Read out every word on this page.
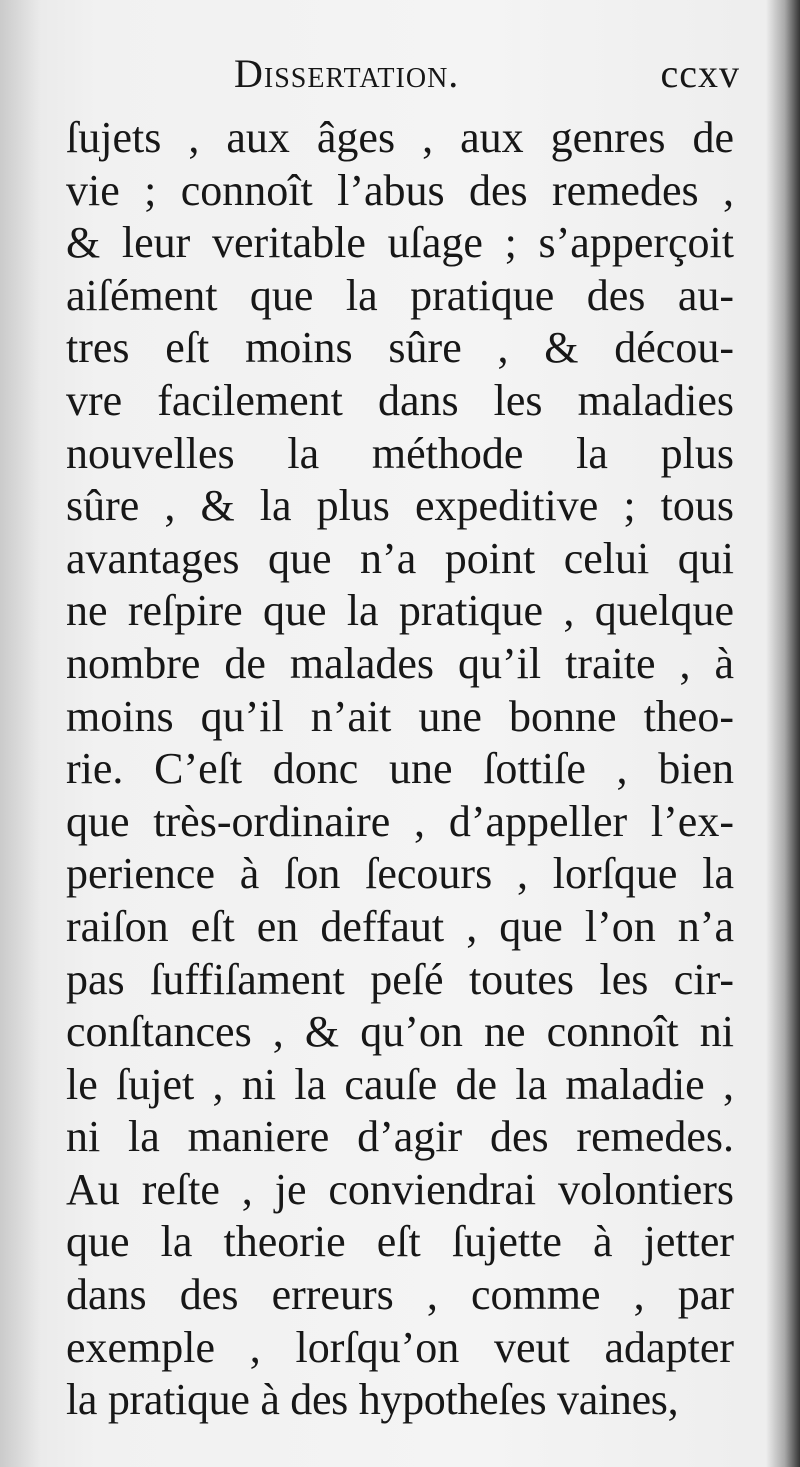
Dissertation.	ccxv
ſujets , aux âges , aux genres de
vie ; connoît l’abus des remedes ,
& leur veritable uſage ; s’apperçoit
aiſément que la pratique des au-
tres eſt moins sûre , & décou-
vre facilement dans les maladies
nouvelles la méthode la plus
sûre , & la plus expeditive ; tous
avantages que n’a point celui qui
ne reſpire que la pratique , quelque
nombre de malades qu’il traite , à
moins qu’il n’ait une bonne theo-
rie. C’eſt donc une ſottiſe , bien
que très-ordinaire , d’appeller l’ex-
perience à ſon ſecours , lorſque la
raiſon eſt en deffaut , que l’on n’a
pas ſuffiſament peſé toutes les cir-
conſtances , & qu’on ne connoît ni
le ſujet , ni la cauſe de la maladie ,
ni la maniere d’agir des remedes.
Au reſte , je conviendrai volontiers
que la theorie eſt ſujette à jetter
dans des erreurs , comme , par
exemple , lorſqu’on veut adapter
la pratique à des hypotheſes vaines,
